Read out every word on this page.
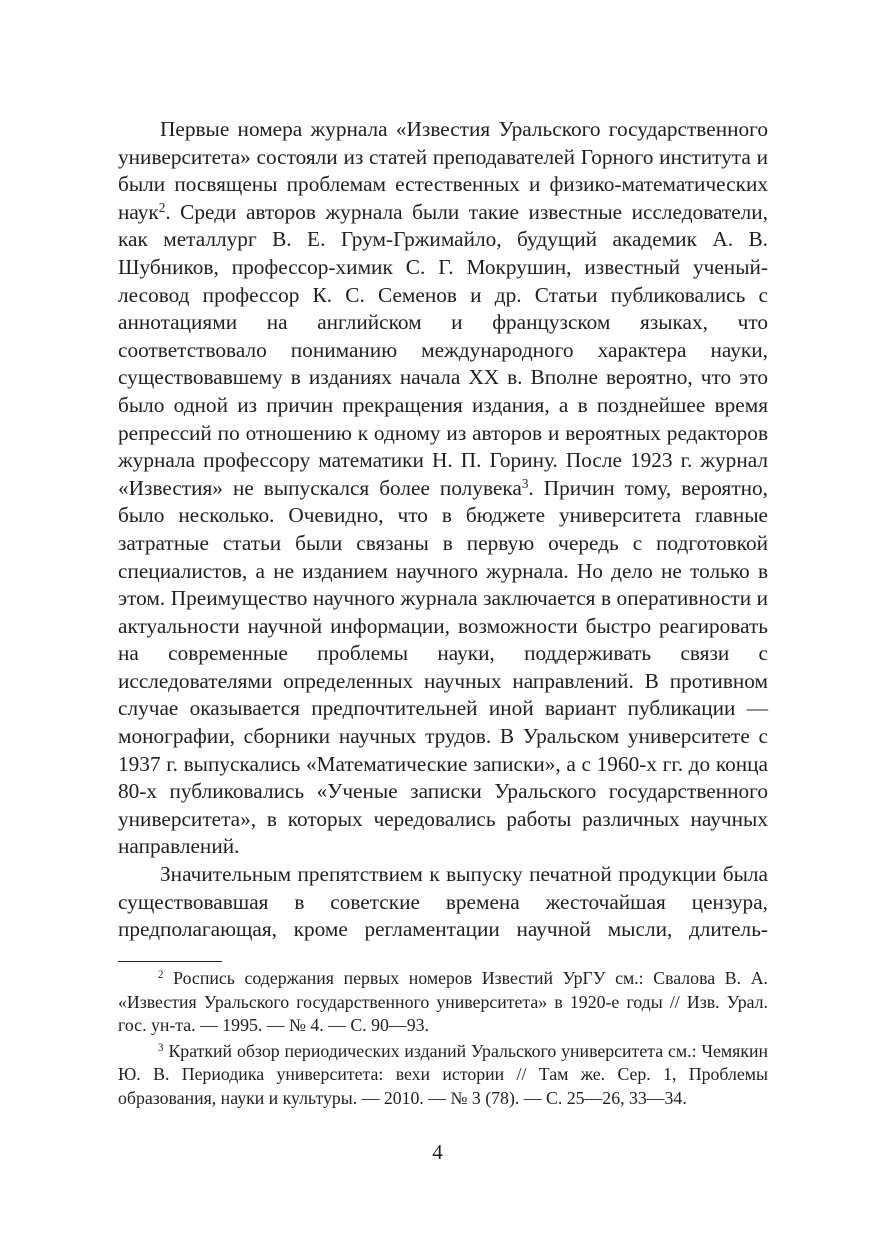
Первые номера журнала «Известия Уральского государственного университета» состояли из статей преподавателей Горного института и были посвящены проблемам естественных и физико-математических наук$^2$. Среди авторов журнала были такие известные исследователи, как металлург В. Е. Грум-Гржимайло, будущий академик А. В. Шубников, профессор-химик С. Г. Мокрушин, известный ученый-лесовод профессор К. С. Семенов и др. Статьи публиковались с аннотациями на английском и французском языках, что соответствовало пониманию международного характера науки, существовавшему в изданиях начала ХХ в. Вполне вероятно, что это было одной из причин прекращения издания, а в позднейшее время репрессий по отношению к одному из авторов и вероятных редакторов журнала профессору математики Н. П. Горину. После 1923 г. журнал «Известия» не выпускался более полувека$^3$. Причин тому, вероятно, было несколько. Очевидно, что в бюджете университета главные затратные статьи были связаны в первую очередь с подготовкой специалистов, а не изданием научного журнала. Но дело не только в этом. Преимущество научного журнала заключается в оперативности и актуальности научной информации, возможности быстро реагировать на современные проблемы науки, поддерживать связи с исследователями определенных научных направлений. В противном случае оказывается предпочтительней иной вариант публикации — монографии, сборники научных трудов. В Уральском университете с 1937 г. выпускались «Математические записки», а с 1960-х гг. до конца 80-х публиковались «Ученые записки Уральского государственного университета», в которых чередовались работы различных научных направлений.

Значительным препятствием к выпуску печатной продукции была существовавшая в советские времена жесточайшая цензура, предполагающая, кроме регламентации научной мысли, длитель-

$^2$ Роспись содержания первых номеров Известий УрГУ см.: Свалова В. А. «Известия Уральского государственного университета» в 1920-е годы // Изв. Урал. гос. ун-та. — 1995. — № 4. — С. 90—93.

$^3$ Краткий обзор периодических изданий Уральского университета см.: Чемякин Ю. В. Периодика университета: вехи истории // Там же. Сер. 1, Проблемы образования, науки и культуры. — 2010. — № 3 (78). — С. 25—26, 33—34.

4
